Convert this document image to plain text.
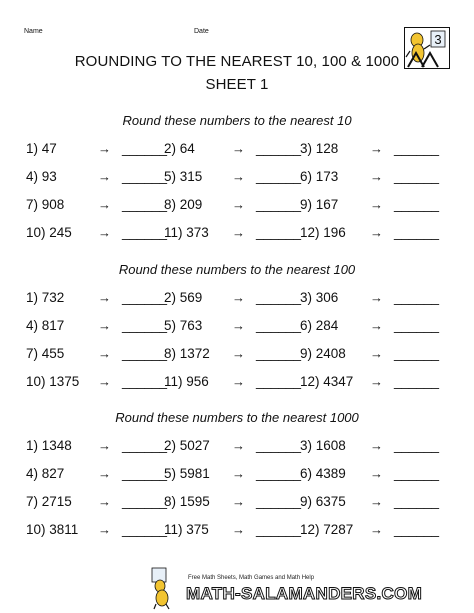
Name	Date
3
ROUNDING TO THE NEAREST 10, 100 & 1000
SHEET 1
Round these numbers to the nearest 10
1) 47	→ ______
2) 64	→ ______
3) 128 → ______
4) 93	→ ______
5) 315 → ______
6) 173 → ______
7) 908	→ ______
8) 209 → ______
9) 167 → ______
10) 245 → ______
11) 373 → ______
12) 196 → ______
Round these numbers to the nearest 100
1) 732	→ ______
2) 569 → ______
3) 306 → ______
4) 817	→ ______
5) 763 → ______
6) 284 → ______
7) 455	→ ______
8) 1372 → ______
9) 2408 → ______
10) 1375 → ______
11) 956 → ______
12) 4347 → ______
Round these numbers to the nearest 1000
1) 1348 → ______
2) 5027 → ______
3) 1608 → ______
4) 827	→ ______
5) 5981 → ______
6) 4389 → ______
7) 2715 → ______
8) 1595 → ______
9) 6375 → ______
10) 3811 → ______
11) 375 → ______
12) 7287 → ______
Free Math Sheets, Math Games and Math Help
MATH-SALAMANDERS.COM
